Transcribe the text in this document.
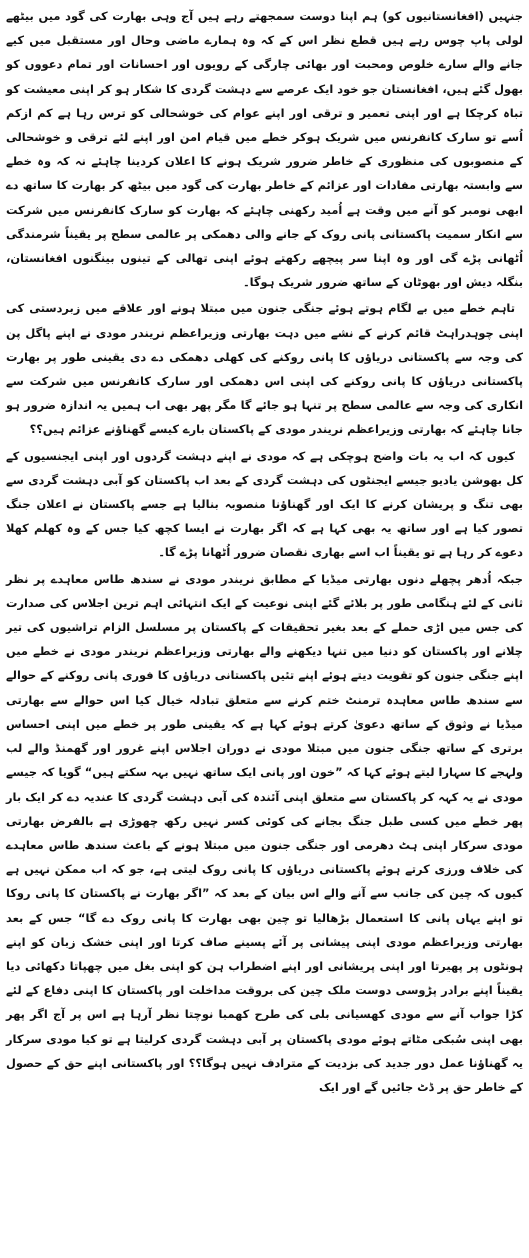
جنہیں (افغانستانیوں کو) ہم اپنا دوست سمجھتے رہے ہیں آج وہی بھارت کی گود میں بیٹھے لولی پاپ چوس رہے ہیں قطع نظر اس کے کہ وہ ہمارے ماضی وحال اور مستقبل میں کیے جانے والے سارے خلوص ومحبت اور بھائی چارگی کے رویوں اور احسانات اور تمام دعووں کو بھول گئے ہیں، افغانستان جو خود ایک عرصے سے دہشت گردی کا شکار ہو کر اپنی معیشت کو تباہ کرچکا ہے اور اپنی تعمیر و ترقی اور اپنے عوام کی خوشحالی کو ترس رہا ہے کم ازکم اُسے تو سارک کانفرنس میں شریک ہوکر خطے میں قیام امن اور اپنے لئے ترقی و خوشحالی کے منصوبوں کی منظوری کے خاطر ضرور شریک ہونے کا اعلان کردینا چاہئے نہ کہ وہ خطے سے وابستہ بھارتی مفادات اور عزائم کے خاطر بھارت کی گود میں بیٹھ کر بھارت کا ساتھ دے ابھی نومبر کو آنے میں وقت ہے اُمید رکھنی چاہئے کہ بھارت کو سارک کانفرنس میں شرکت سے انکار سمیت پاکستانی پانی روک کے جانے والی دھمکی پر عالمی سطح پر یقیناً شرمندگی اُٹھانی پڑے گی اور وہ اپنا سر پیچھے رکھتے ہوئے اپنی تھالی کے تینوں بینگنوں افغانستان، بنگلہ دیش اور بھوٹان کے ساتھ ضرور شریک ہوگا۔

تاہم خطے میں بے لگام ہوتے ہوئے جنگی جنون میں مبتلا ہونے اور علاقے میں زبردستی کی اپنی چوہدراہٹ قائم کرنے کے نشے میں دہت بھارتی وزیراعظم نریندر مودی نے اپنے پاگل پن کی وجہ سے پاکستانی دریاؤں کا پانی روکنے کی کھلی دھمکی دے دی یقینی طور پر بھارت پاکستانی دریاؤں کا پانی روکنے کی اپنی اس دھمکی اور سارک کانفرنس میں شرکت سے انکاری کی وجہ سے عالمی سطح پر تنہا ہو جائے گا مگر پھر بھی اب ہمیں یہ اندازہ ضرور ہو جانا چاہئے کہ بھارتی وزیراعظم نریندر مودی کے پاکستان بارے کیسے گھناؤنے عزائم ہیں؟؟

کیوں کہ اب یہ بات واضح ہوچکی ہے کہ مودی نے اپنے دہشت گردوں اور اپنی ایجنسیوں کے کل بھوشن یادیو جیسے ایجنٹوں کی دہشت گردی کے بعد اب پاکستان کو آبی دہشت گردی سے بھی تنگ و پریشان کرنے کا ایک اور گھناؤنا منصوبہ بنالیا ہے جسے پاکستان نے اعلان جنگ تصور کیا ہے اور ساتھ یہ بھی کہا ہے کہ اگر بھارت نے ایسا کچھ کیا جس کے وہ کھلم کھلا دعوے کر رہا ہے تو یقیناً اب اسے بھاری نقصان ضرور اُٹھانا پڑے گا۔

جبکہ اُدھر پچھلے دنوں بھارتی میڈیا کے مطابق نریندر مودی نے سندھ طاس معاہدے پر نظر ثانی کے لئے ہنگامی طور پر بلائے گئے اپنی نوعیت کے ایک انتہائی اہم ترین اجلاس کی صدارت کی جس میں اڑی حملے کے بعد بغیر تحقیقات کے پاکستان پر مسلسل الزام تراشیوں کی تیر چلانے اور پاکستان کو دنیا میں تنہا دیکھنے والے بھارتی وزیراعظم نریندر مودی نے خطے میں اپنے جنگی جنون کو تقویت دیتے ہوئے اپنے تئیں پاکستانی دریاؤں کا فوری پانی روکنے کے حوالے سے سندھ طاس معاہدہ ترمنٹ ختم کرنے سے متعلق تبادلہ خیال کیا اس حوالے سے بھارتی میڈیا نے وثوق کے ساتھ دعویٰ کرتے ہوئے کہا ہے کہ یقینی طور پر خطے میں اپنی احساس برتری کے ساتھ جنگی جنون میں مبتلا مودی نے دوران اجلاس اپنے غرور اور گھمنڈ والے لب ولہجے کا سہارا لیتے ہوئے کہا کہ ”خون اور پانی ایک ساتھ نہیں بہہ سکتے ہیں“ گویا کہ جیسے مودی نے یہ کہہ کر پاکستان سے متعلق اپنی آئندہ کی آبی دہشت گردی کا عندیہ دے کر ایک بار پھر خطے میں کسی طبل جنگ بجانے کی کوئی کسر نہیں رکھ چھوڑی ہے بالفرض بھارتی مودی سرکار اپنی ہٹ دھرمی اور جنگی جنون میں مبتلا ہونے کے باعث سندھ طاس معاہدے کی خلاف ورزی کرتے ہوئے پاکستانی دریاؤں کا پانی روک لیتی ہے، جو کہ اب ممکن نہیں ہے کیوں کہ چین کی جانب سے آنے والے اس بیان کے بعد کہ ”اگر بھارت نے پاکستان کا پانی روکا تو اپنے یہاں پانی کا استعمال بڑھالیا تو چین بھی بھارت کا پانی روک دے گا“ جس کے بعد بھارتی وزیراعظم مودی اپنی پیشانی پر آئے پسینے صاف کرتا اور اپنی خشک زبان کو اپنے ہونٹوں پر پھیرتا اور اپنی پریشانی اور اپنے اضطراب ہن کو اپنی بغل میں چھپاتا دکھائی دیا یقیناً اپنے برادر پڑوسی دوست ملک چین کی بروقت مداخلت اور پاکستان کا اپنی دفاع کے لئے کڑا جواب آنے سے مودی کھسیانی بلی کی طرح کھمبا نوچتا نظر آرہا ہے اس پر آج اگر پھر بھی اپنی سُبکی مٹاتے ہوئے مودی پاکستان پر آبی دہشت گردی کرلیتا ہے تو کیا مودی سرکار یہ گھناؤنا عمل دور جدید کی بزدیت کے مترادف نہیں ہوگا؟؟ اور پاکستانی اپنے حق کے حصول کے خاطر حق پر ڈٹ جائیں گے اور ایک
